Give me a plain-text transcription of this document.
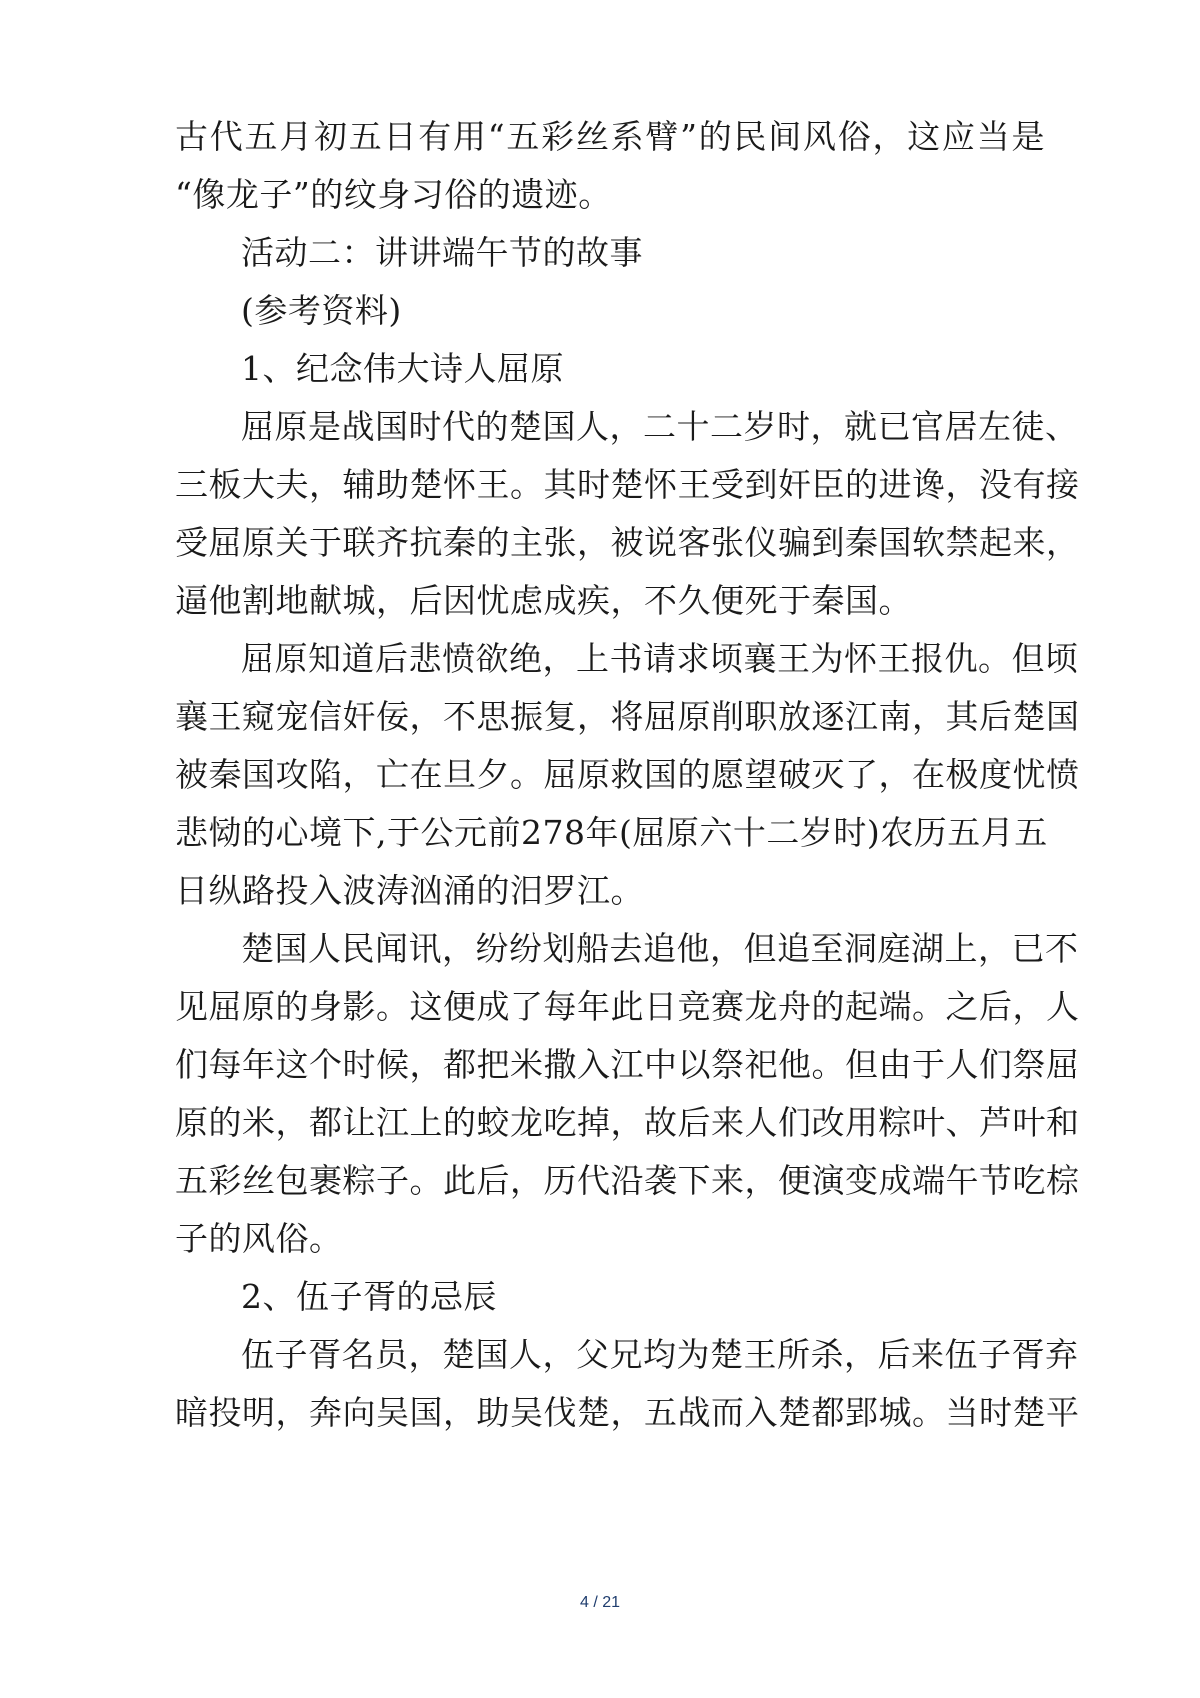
古代五月初五日有用“五彩丝系臂”的民间风俗，这应当是
“像龙子”的纹身习俗的遗迹。
活动二：讲讲端午节的故事
(参考资料)
1、纪念伟大诗人屈原
屈原是战国时代的楚国人，二十二岁时，就已官居左徒、
三板大夫，辅助楚怀王。其时楚怀王受到奸臣的进谗，没有接
受屈原关于联齐抗秦的主张，被说客张仪骗到秦国软禁起来，
逼他割地献城，后因忧虑成疾，不久便死于秦国。
屈原知道后悲愤欲绝，上书请求顷襄王为怀王报仇。但顷
襄王窥宠信奸佞，不思振复，将屈原削职放逐江南，其后楚国
被秦国攻陷，亡在旦夕。屈原救国的愿望破灭了，在极度忧愤
悲恸的心境下,于公元前278年(屈原六十二岁时)农历五月五
日纵路投入波涛汹涌的汨罗江。
楚国人民闻讯，纷纷划船去追他，但追至洞庭湖上，已不
见屈原的身影。这便成了每年此日竞赛龙舟的起端。之后，人
们每年这个时候，都把米撒入江中以祭祀他。但由于人们祭屈
原的米，都让江上的蛟龙吃掉，故后来人们改用粽叶、芦叶和
五彩丝包裹粽子。此后，历代沿袭下来，便演变成端午节吃棕
子的风俗。
2、伍子胥的忌辰
伍子胥名员，楚国人，父兄均为楚王所杀，后来伍子胥弃
暗投明，奔向吴国，助吴伐楚，五战而入楚都郢城。当时楚平
4 / 21
